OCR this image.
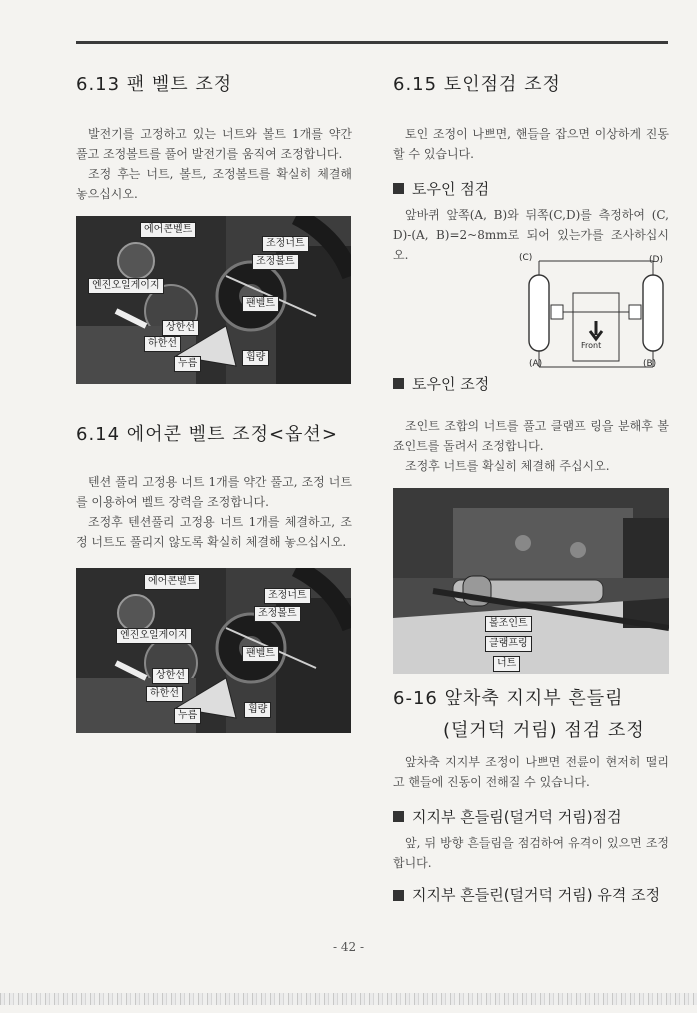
6.13 팬 벨트 조정

발전기를 고정하고 있는 너트와 볼트 1개를 약간 풀고 조정볼트를 풀어 발전기를 움직여 조정합니다.

조정 후는 너트, 볼트, 조정볼트를 확실히 체결해 놓으십시오.

에어콘벨트
조정너트
조정볼트
엔진오일게이지
팬벨트
상한선
하한선
누름
휨량
6.14 에어콘 벨트 조정<옵션>

텐션 풀리 고정용 너트 1개를 약간 풀고, 조정 너트를 이용하여 벨트 장력을 조정합니다.

조정후 텐션풀리 고정용 너트 1개를 체결하고, 조정 너트도 풀리지 않도록 확실히 체결해 놓으십시오.

에어콘벨트
조정너트
조정볼트
엔진오일게이지
팬벨트
상한선
하한선
누름
휨량
6.15 토인점검 조정

토인 조정이 나쁘면, 핸들을 잡으면 이상하게 진동할 수 있습니다.

토우인 점검

앞바퀴 앞쪽(A, B)와 뒤쪽(C,D)를 측정하여 (C, D)-(A, B)=2~8mm로 되어 있는가를 조사하십시오.	(C)	(D)
(A)	(B)
Front
토우인 조정

조인트 조합의 너트를 풀고 클램프 링을 분해후 볼죠인트를 돌려서 조정합니다.

조정후 너트를 확실히 체결해 주십시오.

볼조인트
클램프링
너트
6-16 앞차축 지지부 흔들림
(덜거덕 거림) 점검 조정

앞차축 지지부 조정이 나쁘면 전륜이 현저히 떨리고 핸들에 진동이 전해질 수 있습니다.

지지부 흔들림(덜거덕 거림)점검

앞, 뒤 방향 흔들림을 점검하여 유격이 있으면 조정합니다.

지지부 흔들린(덜거덕 거림) 유격 조정
- 42 -
